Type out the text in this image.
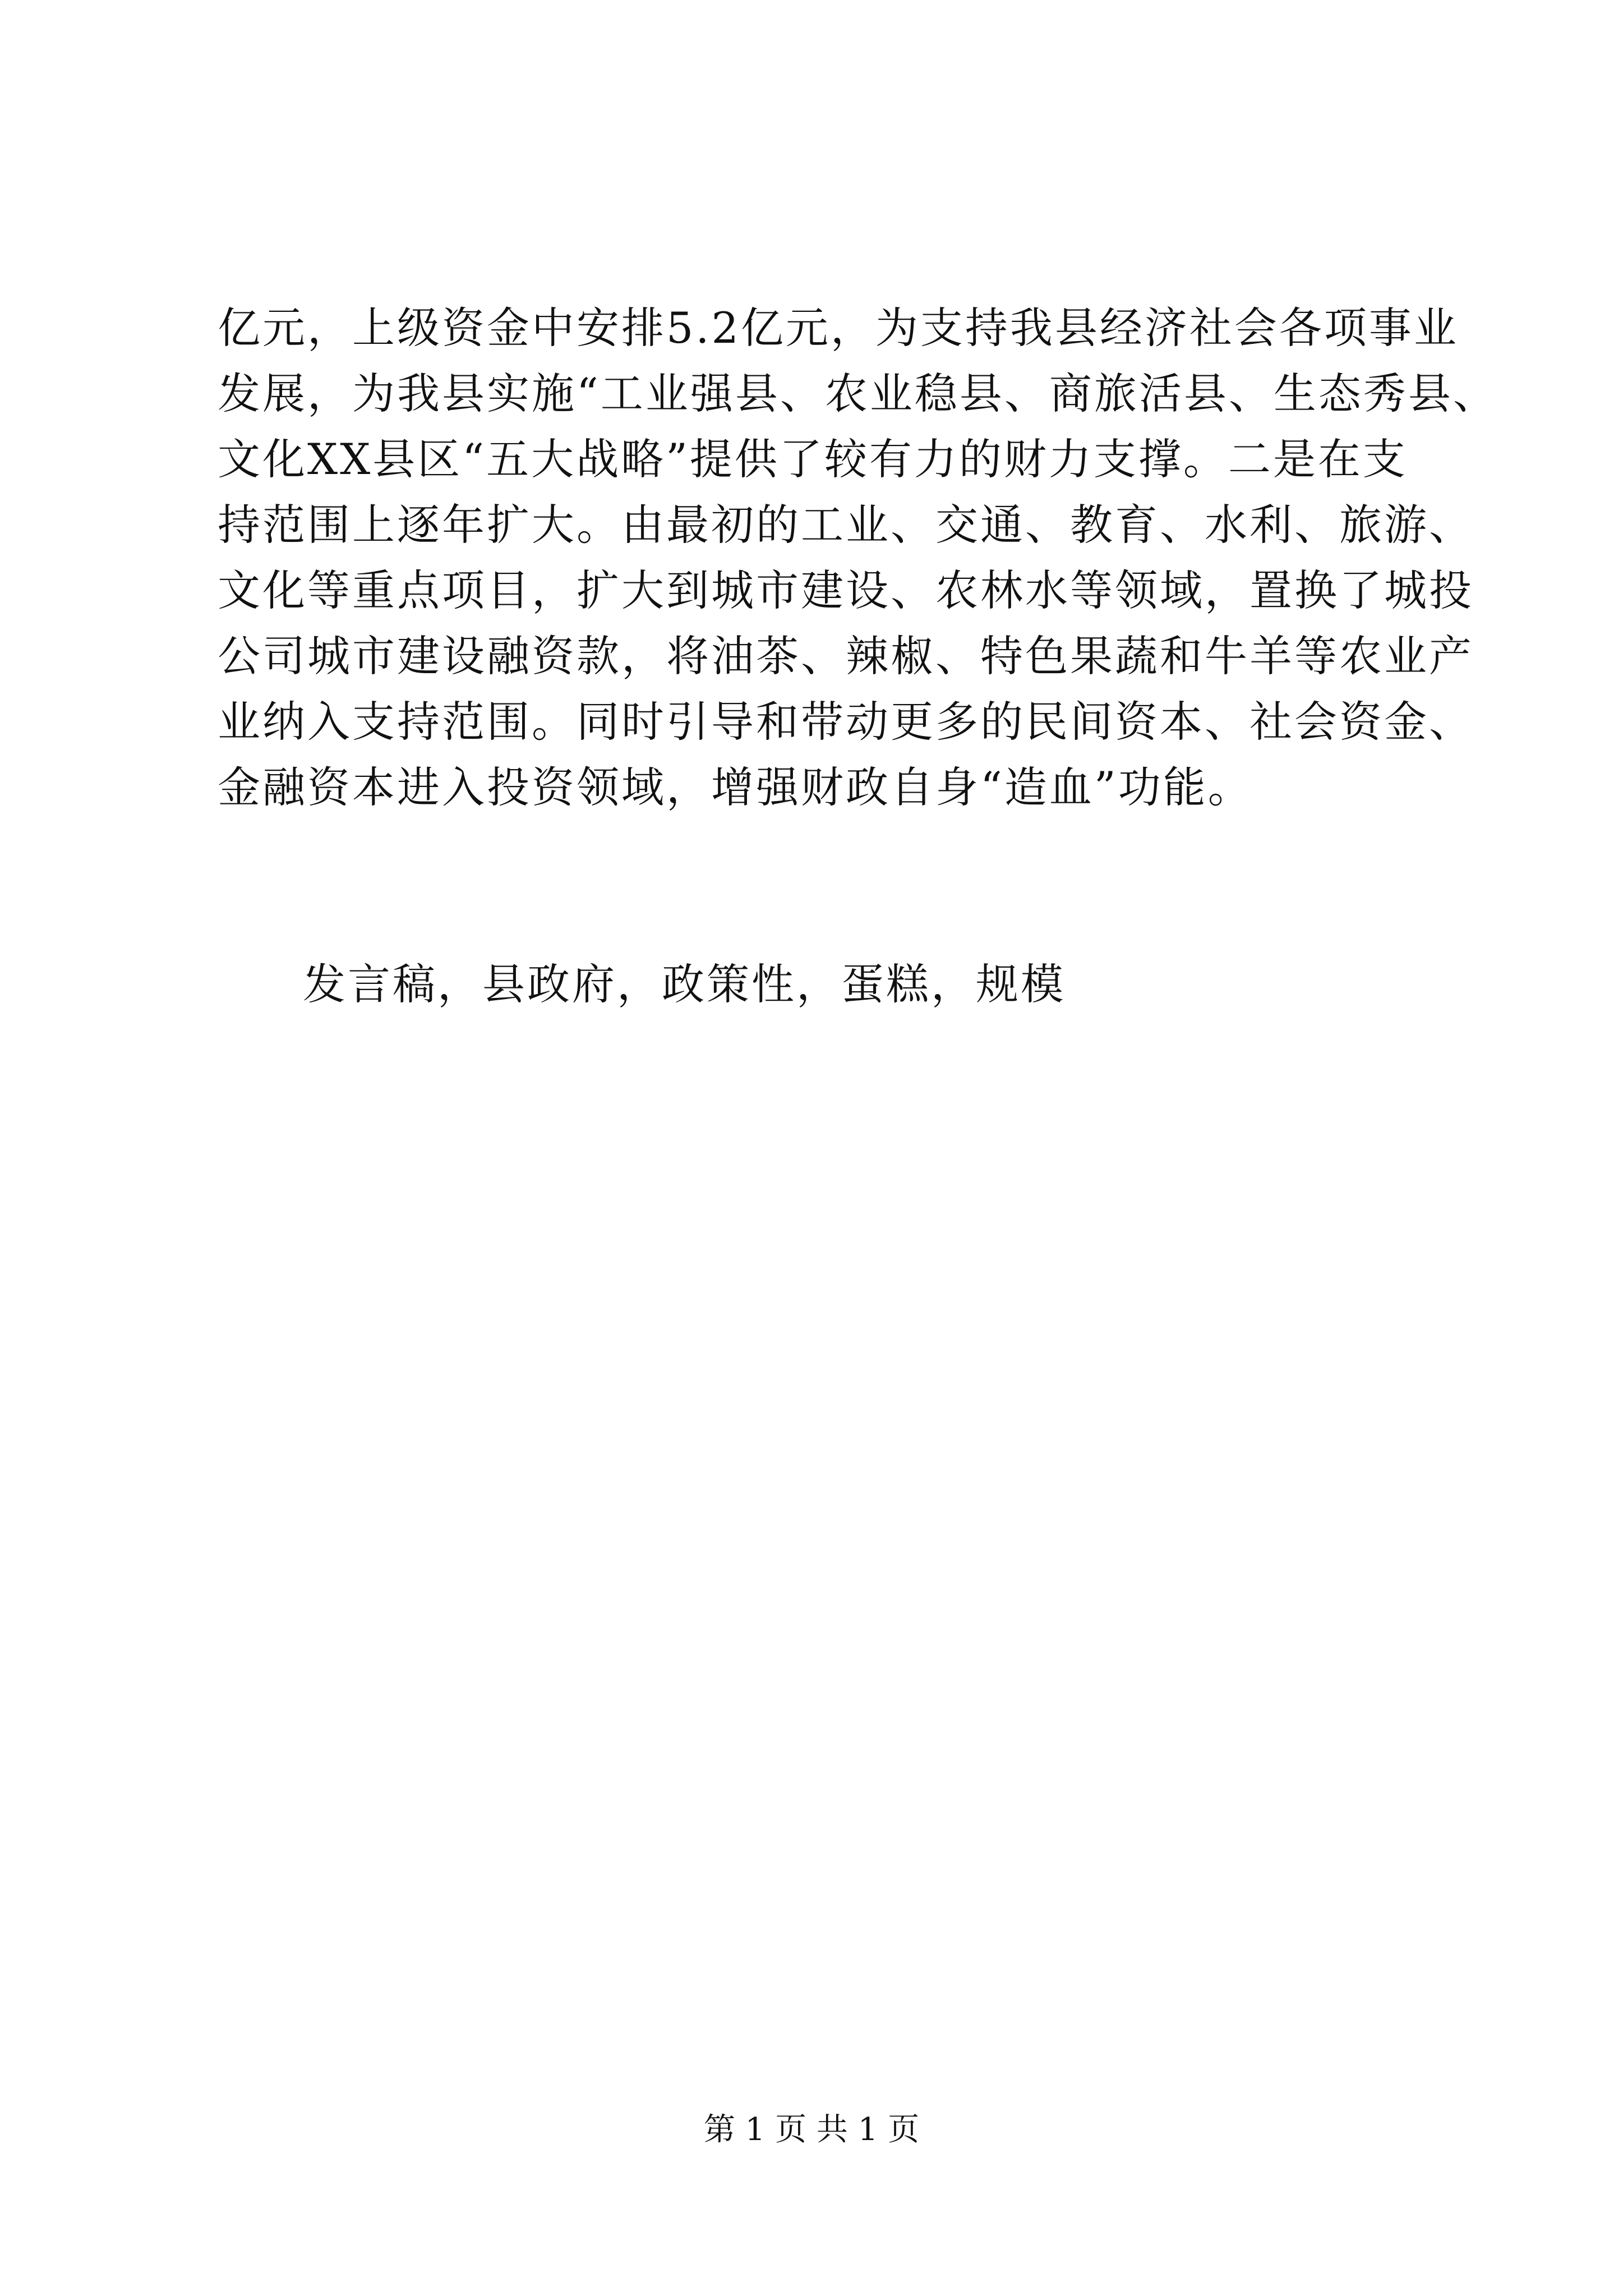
亿元，上级资金中安排5.2亿元，为支持我县经济社会各项事业
发展，为我县实施“工业强县、农业稳县、商旅活县、生态秀县、
文化XX县区“五大战略”提供了较有力的财力支撑。二是在支
持范围上逐年扩大。由最初的工业、交通、教育、水利、旅游、
文化等重点项目，扩大到城市建设、农林水等领域，置换了城投
公司城市建设融资款，将油茶、辣椒、特色果蔬和牛羊等农业产
业纳入支持范围。同时引导和带动更多的民间资本、社会资金、
金融资本进入投资领域，增强财政自身“造血”功能。
发言稿，县政府，政策性，蛋糕，规模
第 1 页 共 1 页
